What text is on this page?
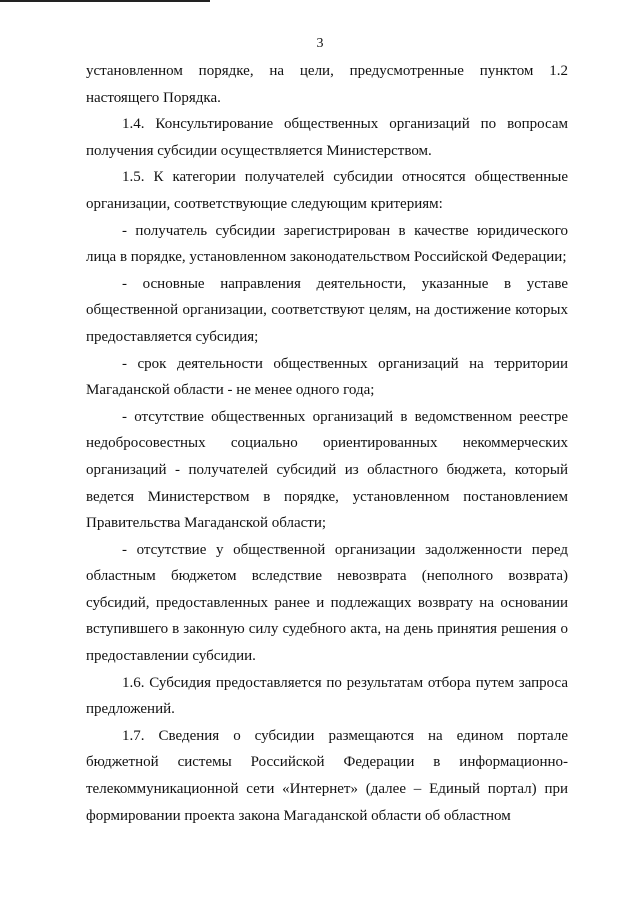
3

установленном порядке, на цели, предусмотренные пунктом 1.2 настоящего Порядка.

1.4. Консультирование общественных организаций по вопросам получения субсидии осуществляется Министерством.

1.5. К категории получателей субсидии относятся общественные организации, соответствующие следующим критериям:

- получатель субсидии зарегистрирован в качестве юридического лица в порядке, установленном законодательством Российской Федерации;

- основные направления деятельности, указанные в уставе общественной организации, соответствуют целям, на достижение которых предоставляется субсидия;

- срок деятельности общественных организаций на территории Магаданской области - не менее одного года;

- отсутствие общественных организаций в ведомственном реестре недобросовестных социально ориентированных некоммерческих организаций - получателей субсидий из областного бюджета, который ведется Министерством в порядке, установленном постановлением Правительства Магаданской области;

- отсутствие у общественной организации задолженности перед областным бюджетом вследствие невозврата (неполного возврата) субсидий, предоставленных ранее и подлежащих возврату на основании вступившего в законную силу судебного акта, на день принятия решения о предоставлении субсидии.

1.6. Субсидия предоставляется по результатам отбора путем запроса предложений.

1.7. Сведения о субсидии размещаются на едином портале бюджетной системы Российской Федерации в информационно-телекоммуникационной сети «Интернет» (далее – Единый портал) при формировании проекта закона Магаданской области об областном
